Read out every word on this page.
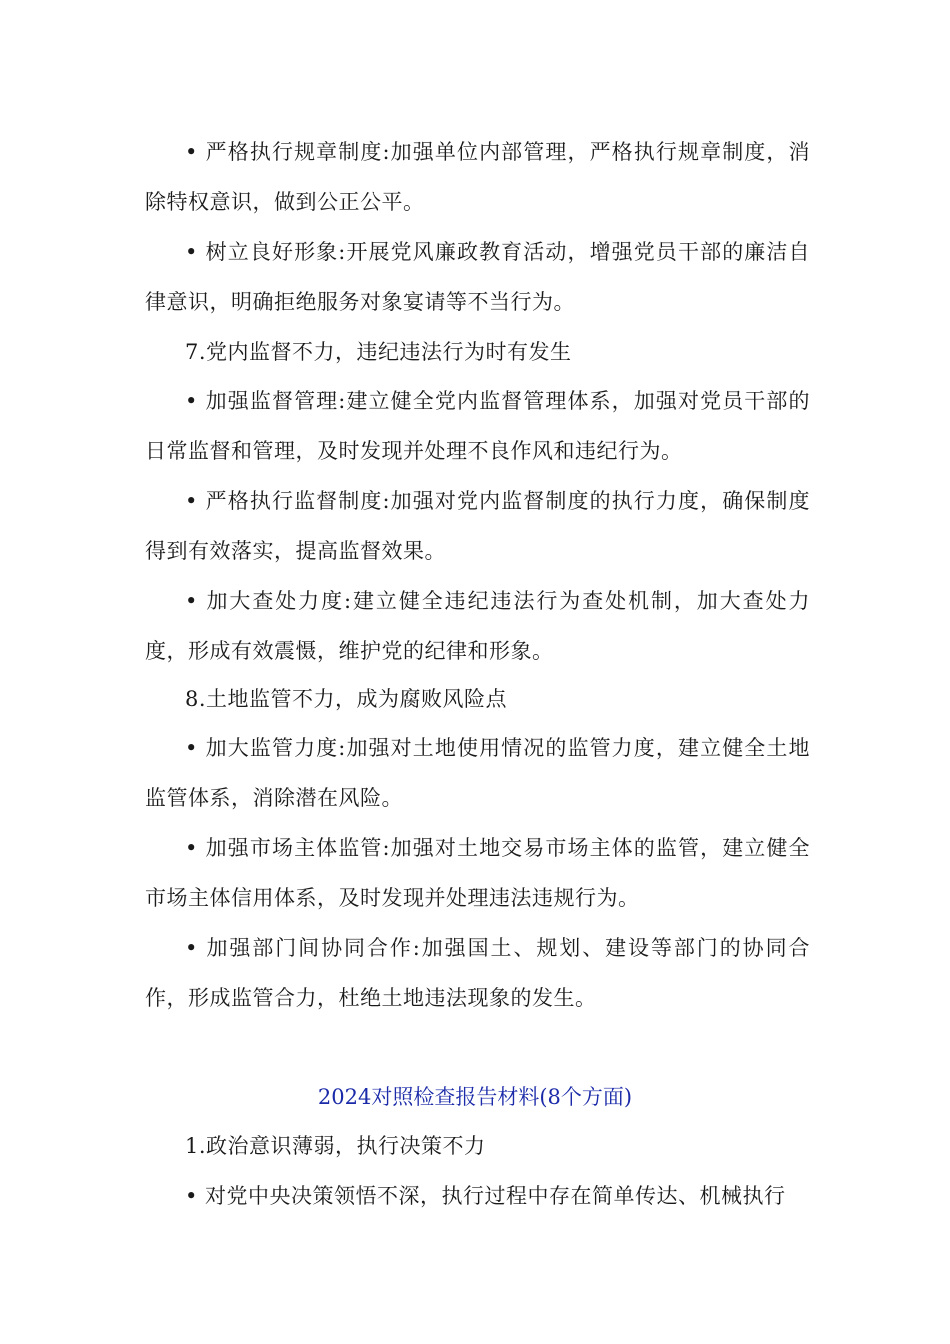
• 严格执行规章制度:加强单位内部管理，严格执行规章制度，消除特权意识，做到公正公平。

• 树立良好形象:开展党风廉政教育活动，增强党员干部的廉洁自律意识，明确拒绝服务对象宴请等不当行为。

7.党内监督不力，违纪违法行为时有发生

• 加强监督管理:建立健全党内监督管理体系，加强对党员干部的日常监督和管理，及时发现并处理不良作风和违纪行为。

• 严格执行监督制度:加强对党内监督制度的执行力度，确保制度得到有效落实，提高监督效果。

• 加大查处力度:建立健全违纪违法行为查处机制，加大查处力度，形成有效震慑，维护党的纪律和形象。

8.土地监管不力，成为腐败风险点

• 加大监管力度:加强对土地使用情况的监管力度，建立健全土地监管体系，消除潜在风险。

• 加强市场主体监管:加强对土地交易市场主体的监管，建立健全市场主体信用体系，及时发现并处理违法违规行为。

• 加强部门间协同合作:加强国土、规划、建设等部门的协同合作，形成监管合力，杜绝土地违法现象的发生。

2024对照检查报告材料(8个方面)

1.政治意识薄弱，执行决策不力

• 对党中央决策领悟不深，执行过程中存在简单传达、机械执行
